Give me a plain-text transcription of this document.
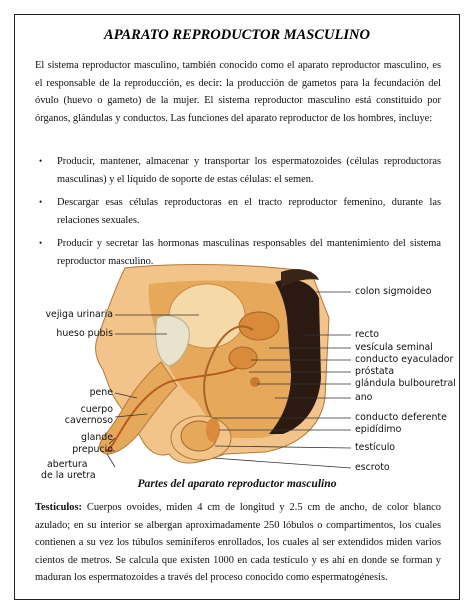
APARATO REPRODUCTOR MASCULINO
El sistema reproductor masculino, también conocido como el aparato reproductor masculino, es el responsable de la reproducción, es decir: la producción de gametos para la fecundación del óvulo (huevo o gameto) de la mujer. El sistema reproductor masculino está constituido por órganos, glándulas y conductos. Las funciones del aparato reproductor de los hombres, incluye:
• Producir, mantener, almacenar y transportar los espermatozoides (células reproductoras masculinas) y el líquido de soporte de estas células: el semen.
• Descargar esas células reproductoras en el tracto reproductor femenino, durante las relaciones sexuales.
• Producir y secretar las hormonas masculinas responsables del mantenimiento del sistema reproductor masculino.
vejiga urinaria
hueso pubis
pene
cuerpo
cavernoso
glande
prepucio
abertura
de la uretra
colon sigmoideo
recto
vesícula seminal
conducto eyaculador
próstata
glándula bulbouretral
ano
conducto deferente
epidídimo
testículo
escroto
Partes del aparato reproductor masculino
Testículos: Cuerpos ovoides, miden 4 cm de longitud y 2.5 cm de ancho, de color blanco azulado; en su interior se albergan aproximadamente 250 lóbulos o compartimentos, los cuales contienen a su vez los túbulos seminíferos enrollados, los cuales al ser extendidos miden varios cientos de metros. Se calcula que existen 1000 en cada testículo y es ahí en donde se forman y maduran los espermatozoides a través del proceso conocido como espermatogénesis.
